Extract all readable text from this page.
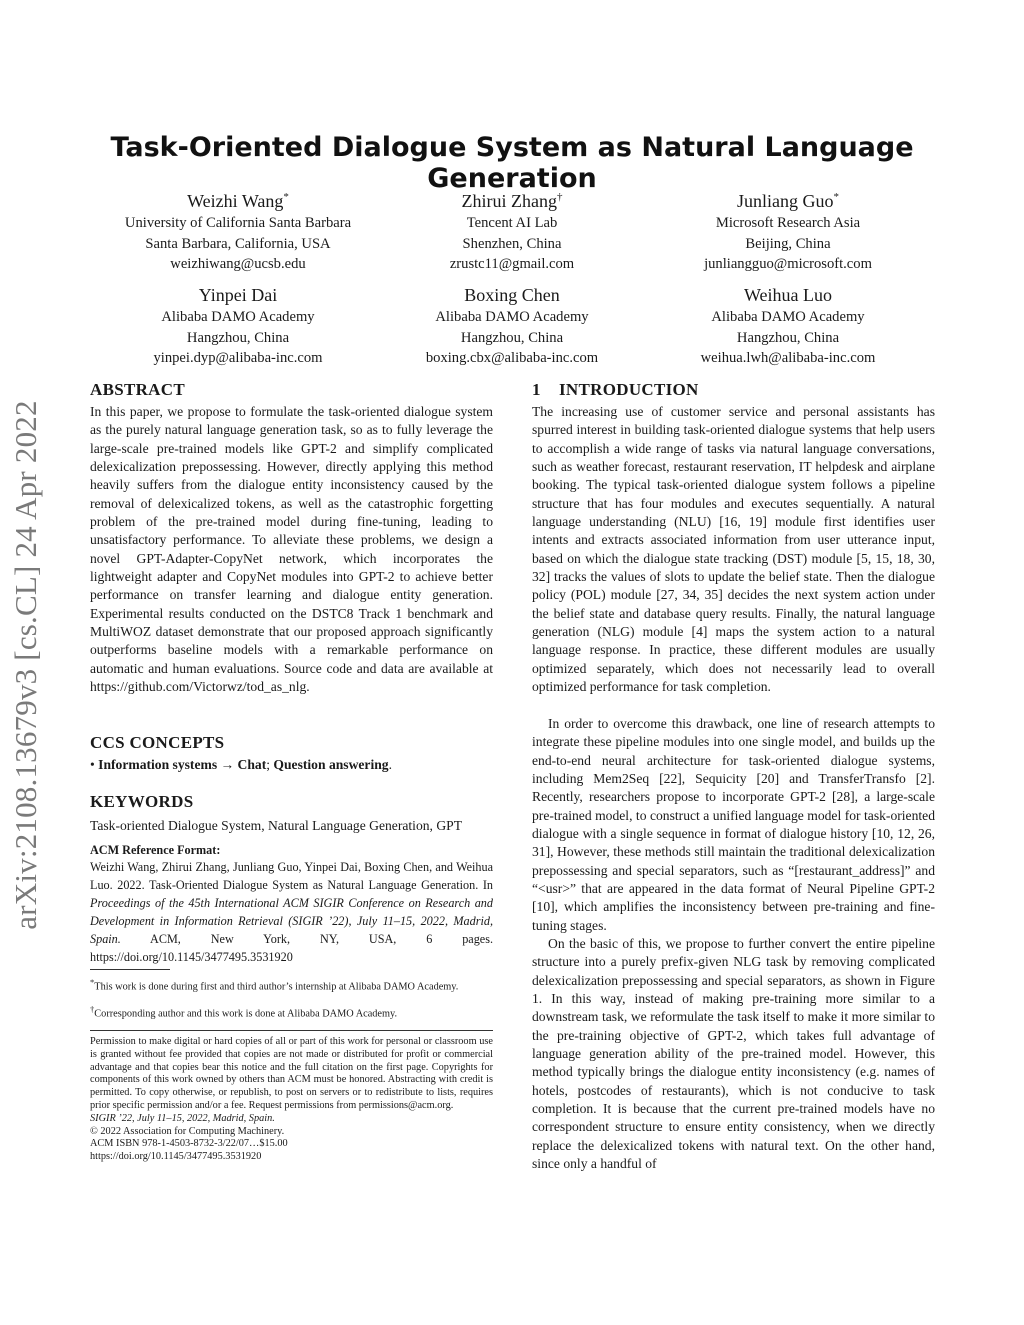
arXiv:2108.13679v3 [cs.CL] 24 Apr 2022
Task-Oriented Dialogue System as Natural Language Generation
Weizhi Wang*
University of California Santa Barbara
Santa Barbara, California, USA
weizhiwang@ucsb.edu
Zhirui Zhang†
Tencent AI Lab
Shenzhen, China
zrustc11@gmail.com
Junliang Guo*
Microsoft Research Asia
Beijing, China
junliangguo@microsoft.com
Yinpei Dai
Alibaba DAMO Academy
Hangzhou, China
yinpei.dyp@alibaba-inc.com
Boxing Chen
Alibaba DAMO Academy
Hangzhou, China
boxing.cbx@alibaba-inc.com
Weihua Luo
Alibaba DAMO Academy
Hangzhou, China
weihua.lwh@alibaba-inc.com
ABSTRACT

In this paper, we propose to formulate the task-oriented dialogue system as the purely natural language generation task, so as to fully leverage the large-scale pre-trained models like GPT-2 and simplify complicated delexicalization prepossessing. However, directly applying this method heavily suffers from the dialogue entity inconsistency caused by the removal of delexicalized tokens, as well as the catastrophic forgetting problem of the pre-trained model during fine-tuning, leading to unsatisfactory performance. To alleviate these problems, we design a novel GPT-Adapter-CopyNet network, which incorporates the lightweight adapter and CopyNet modules into GPT-2 to achieve better performance on transfer learning and dialogue entity generation. Experimental results conducted on the DSTC8 Track 1 benchmark and MultiWOZ dataset demonstrate that our proposed approach significantly outperforms baseline models with a remarkable performance on automatic and human evaluations. Source code and data are available at https://github.com/Victorwz/tod_as_nlg.

CCS CONCEPTS

• Information systems → Chat; Question answering.

KEYWORDS

Task-oriented Dialogue System, Natural Language Generation, GPT

ACM Reference Format:

Weizhi Wang, Zhirui Zhang, Junliang Guo, Yinpei Dai, Boxing Chen, and Weihua Luo. 2022. Task-Oriented Dialogue System as Natural Language Generation. In Proceedings of the 45th International ACM SIGIR Conference on Research and Development in Information Retrieval (SIGIR ’22), July 11–15, 2022, Madrid, Spain. ACM, New York, NY, USA, 6 pages. https://doi.org/10.1145/3477495.3531920

*This work is done during first and third author’s internship at Alibaba DAMO Academy.

†Corresponding author and this work is done at Alibaba DAMO Academy.

Permission to make digital or hard copies of all or part of this work for personal or classroom use is granted without fee provided that copies are not made or distributed for profit or commercial advantage and that copies bear this notice and the full citation on the first page. Copyrights for components of this work owned by others than ACM must be honored. Abstracting with credit is permitted. To copy otherwise, or republish, to post on servers or to redistribute to lists, requires prior specific permission and/or a fee. Request permissions from permissions@acm.org.
SIGIR ’22, July 11–15, 2022, Madrid, Spain.
© 2022 Association for Computing Machinery.
ACM ISBN 978-1-4503-8732-3/22/07…$15.00
https://doi.org/10.1145/3477495.3531920
1 INTRODUCTION

The increasing use of customer service and personal assistants has spurred interest in building task-oriented dialogue systems that help users to accomplish a wide range of tasks via natural language conversations, such as weather forecast, restaurant reservation, IT helpdesk and airplane booking. The typical task-oriented dialogue system follows a pipeline structure that has four modules and executes sequentially. A natural language understanding (NLU) [16, 19] module first identifies user intents and extracts associated information from user utterance input, based on which the dialogue state tracking (DST) module [5, 15, 18, 30, 32] tracks the values of slots to update the belief state. Then the dialogue policy (POL) module [27, 34, 35] decides the next system action under the belief state and database query results. Finally, the natural language generation (NLG) module [4] maps the system action to a natural language response. In practice, these different modules are usually optimized separately, which does not necessarily lead to overall optimized performance for task completion.

In order to overcome this drawback, one line of research attempts to integrate these pipeline modules into one single model, and builds up the end-to-end neural architecture for task-oriented dialogue systems, including Mem2Seq [22], Sequicity [20] and TransferTransfo [2]. Recently, researchers propose to incorporate GPT-2 [28], a large-scale pre-trained model, to construct a unified language model for task-oriented dialogue with a single sequence in format of dialogue history [10, 12, 26, 31], However, these methods still maintain the traditional delexicalization prepossessing and special separators, such as “[restaurant_address]” and “<usr>” that are appeared in the data format of Neural Pipeline GPT-2 [10], which amplifies the inconsistency between pre-training and fine-tuning stages.

On the basic of this, we propose to further convert the entire pipeline structure into a purely prefix-given NLG task by removing complicated delexicalization prepossessing and special separators, as shown in Figure 1. In this way, instead of making pre-training more similar to a downstream task, we reformulate the task itself to make it more similar to the pre-training objective of GPT-2, which takes full advantage of language generation ability of the pre-trained model. However, this method typically brings the dialogue entity inconsistency (e.g. names of hotels, postcodes of restaurants), which is not conducive to task completion. It is because that the current pre-trained models have no correspondent structure to ensure entity consistency, when we directly replace the delexicalized tokens with natural text. On the other hand, since only a handful of
